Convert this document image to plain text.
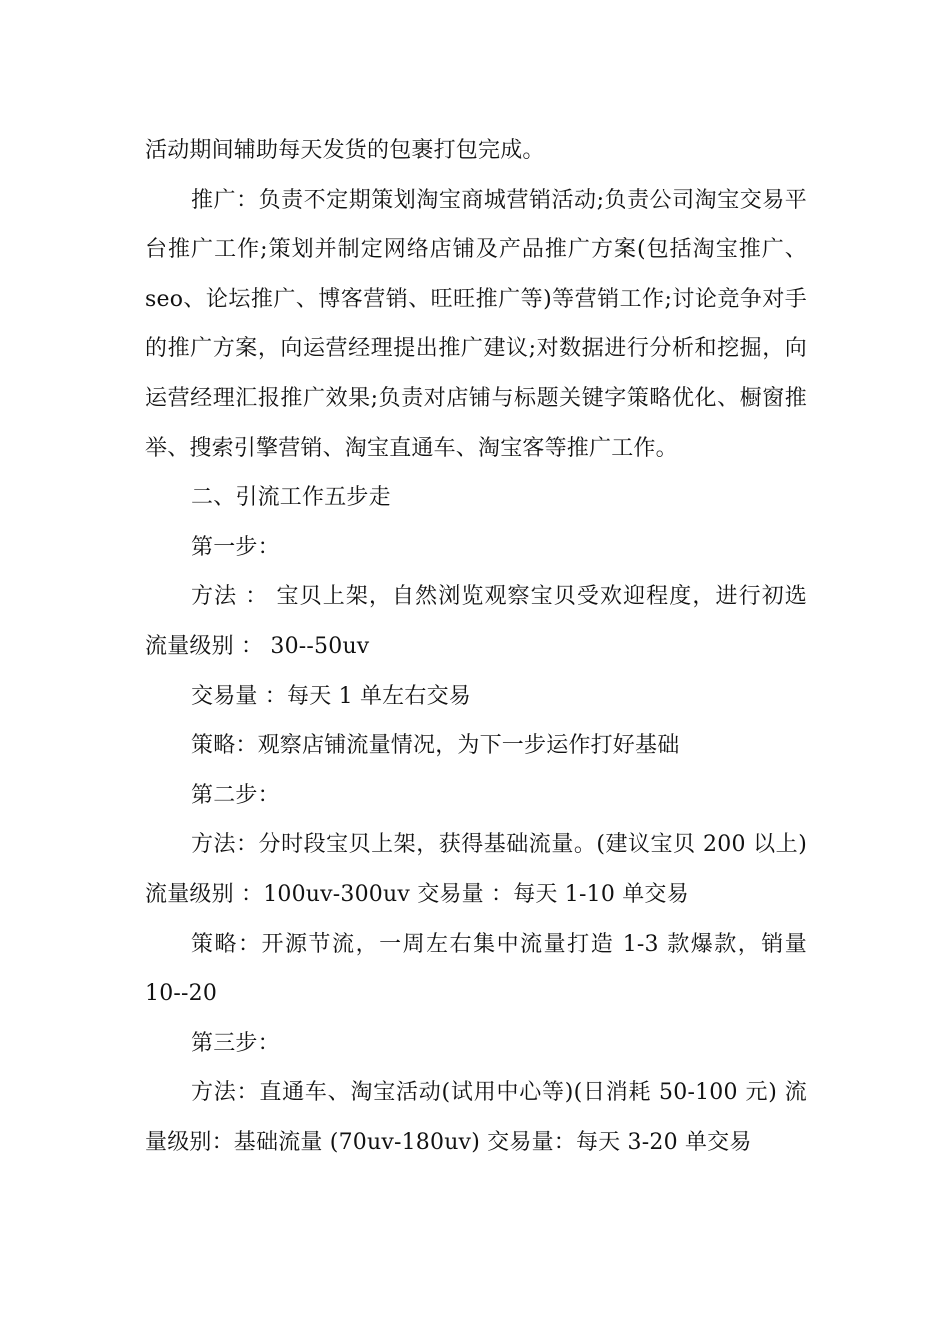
活动期间辅助每天发货的包裹打包完成。

推广：负责不定期策划淘宝商城营销活动;负责公司淘宝交易平台推广工作;策划并制定网络店铺及产品推广方案(包括淘宝推广、seo、论坛推广、博客营销、旺旺推广等)等营销工作;讨论竞争对手的推广方案，向运营经理提出推广建议;对数据进行分析和挖掘，向运营经理汇报推广效果;负责对店铺与标题关键字策略优化、橱窗推举、搜索引擎营销、淘宝直通车、淘宝客等推广工作。

二、引流工作五步走

第一步：

方法 ： 宝贝上架，自然浏览观察宝贝受欢迎程度，进行初选 流量级别 ： 30--50uv

交易量 ：每天 1 单左右交易

策略：观察店铺流量情况，为下一步运作打好基础

第二步：

方法：分时段宝贝上架，获得基础流量。(建议宝贝 200 以上) 流量级别 ：100uv-300uv 交易量 ：每天 1-10 单交易

策略：开源节流，一周左右集中流量打造 1-3 款爆款，销量 10--20

第三步：

方法：直通车、淘宝活动(试用中心等)(日消耗 50-100 元) 流量级别：基础流量 (70uv-180uv) 交易量：每天 3-20 单交易
